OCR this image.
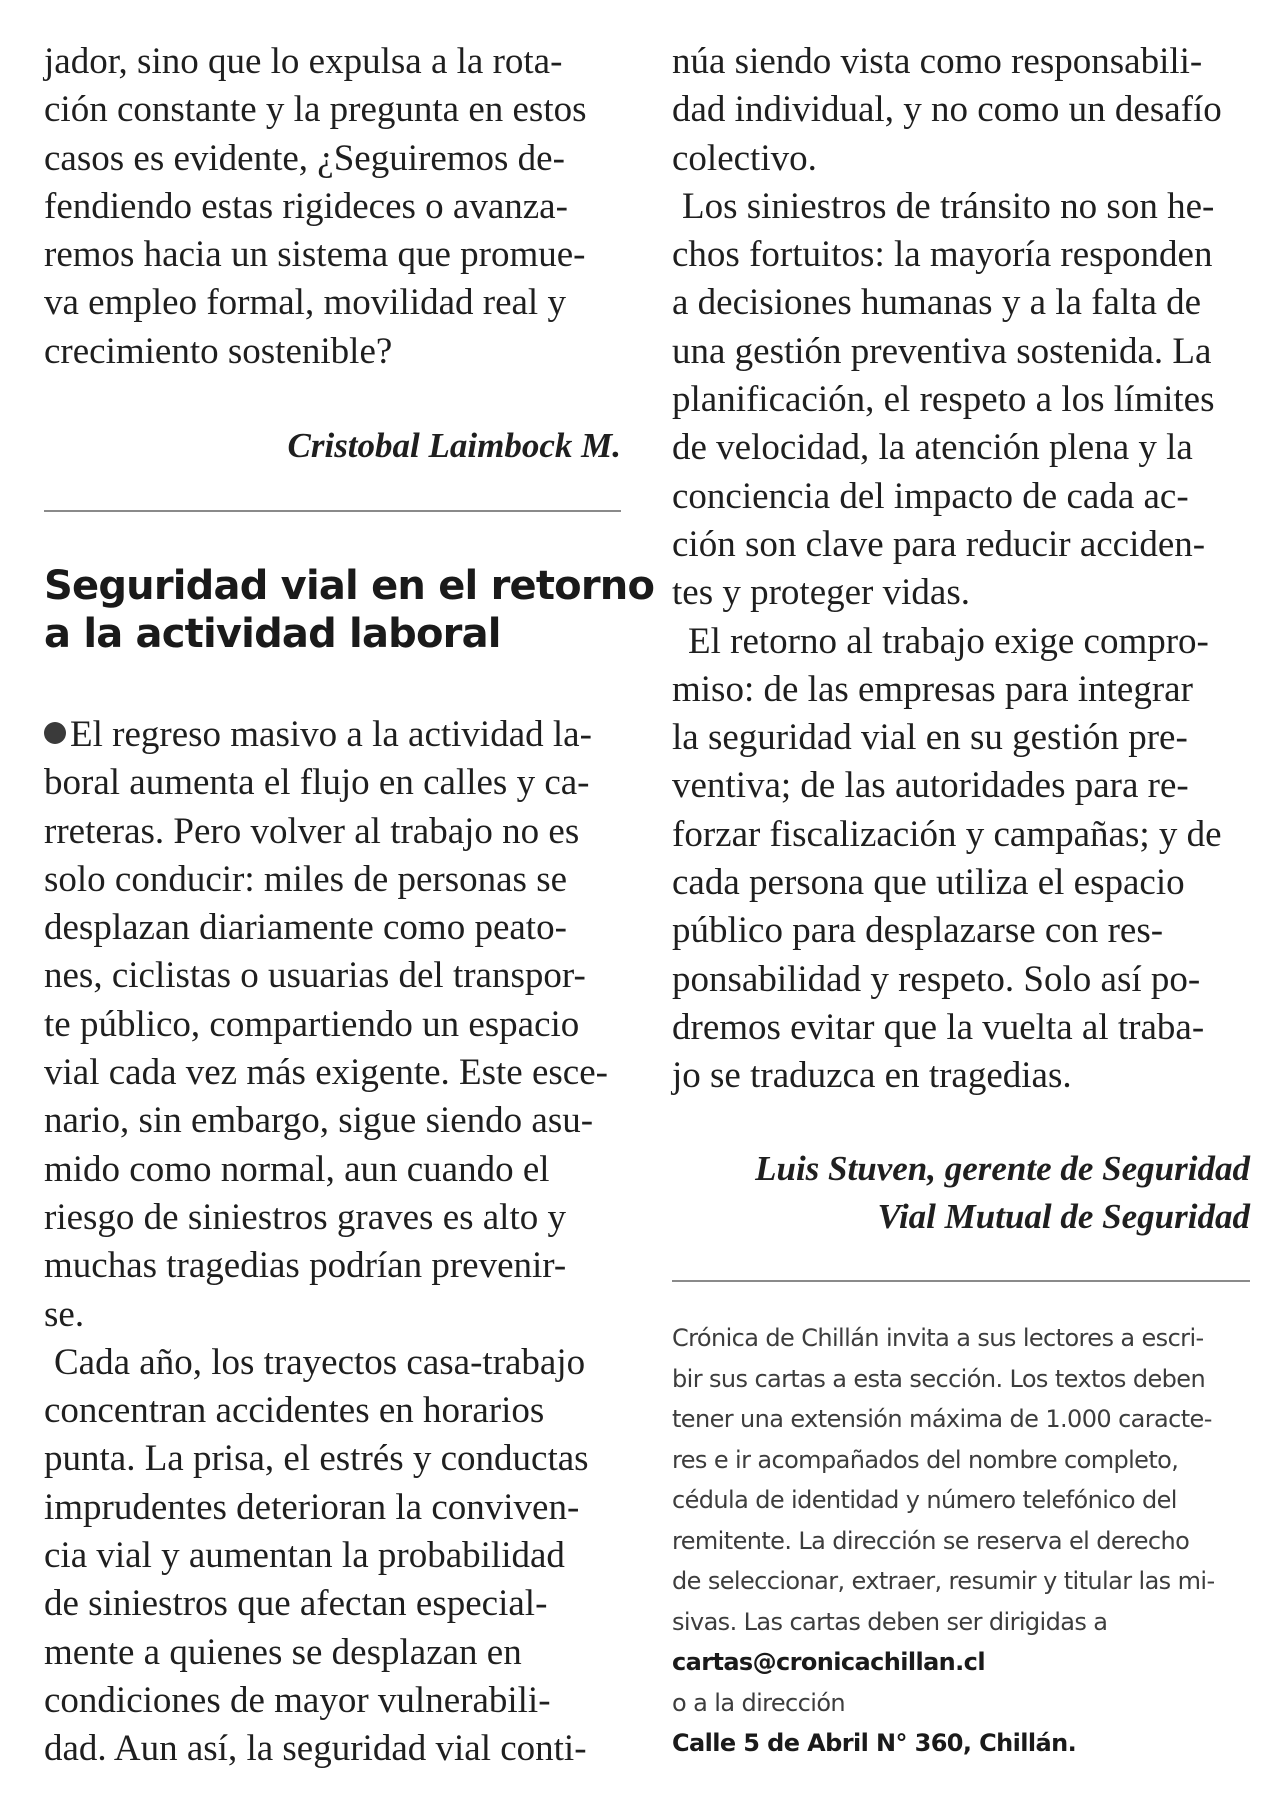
jador, sino que lo expulsa a la rota-
ción constante y la pregunta en estos
casos es evidente, ¿Seguiremos de-
fendiendo estas rigideces o avanza-
remos hacia un sistema que promue-
va empleo formal, movilidad real y
crecimiento sostenible?
Cristobal Laimbock M.
Seguridad vial en el retorno
a la actividad laboral
El regreso masivo a la actividad la-
boral aumenta el flujo en calles y ca-
rreteras. Pero volver al trabajo no es
solo conducir: miles de personas se
desplazan diariamente como peato-
nes, ciclistas o usuarias del transpor-
te público, compartiendo un espacio
vial cada vez más exigente. Este esce-
nario, sin embargo, sigue siendo asu-
mido como normal, aun cuando el
riesgo de siniestros graves es alto y
muchas tragedias podrían prevenir-
se.
Cada año, los trayectos casa-trabajo
concentran accidentes en horarios
punta. La prisa, el estrés y conductas
imprudentes deterioran la conviven-
cia vial y aumentan la probabilidad
de siniestros que afectan especial-
mente a quienes se desplazan en
condiciones de mayor vulnerabili-
dad. Aun así, la seguridad vial conti-
núa siendo vista como responsabili-
dad individual, y no como un desafío
colectivo.
Los siniestros de tránsito no son he-
chos fortuitos: la mayoría responden
a decisiones humanas y a la falta de
una gestión preventiva sostenida. La
planificación, el respeto a los límites
de velocidad, la atención plena y la
conciencia del impacto de cada ac-
ción son clave para reducir acciden-
tes y proteger vidas.
El retorno al trabajo exige compro-
miso: de las empresas para integrar
la seguridad vial en su gestión pre-
ventiva; de las autoridades para re-
forzar fiscalización y campañas; y de
cada persona que utiliza el espacio
público para desplazarse con res-
ponsabilidad y respeto. Solo así po-
dremos evitar que la vuelta al traba-
jo se traduzca en tragedias.
Luis Stuven, gerente de Seguridad
Vial Mutual de Seguridad
Crónica de Chillán invita a sus lectores a escri-
bir sus cartas a esta sección. Los textos deben
tener una extensión máxima de 1.000 caracte-
res e ir acompañados del nombre completo,
cédula de identidad y número telefónico del
remitente. La dirección se reserva el derecho
de seleccionar, extraer, resumir y titular las mi-
sivas. Las cartas deben ser dirigidas a
cartas@cronicachillan.cl
o a la dirección
Calle 5 de Abril N° 360, Chillán.
